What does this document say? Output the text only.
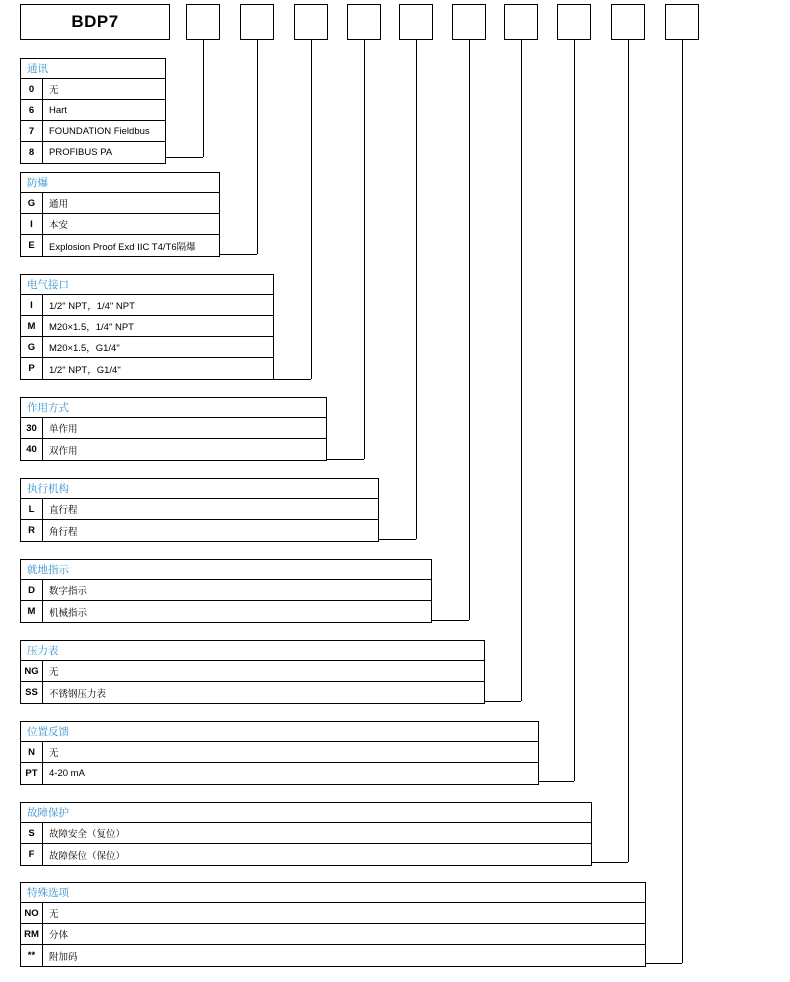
BDP7
通讯
0	无
6	Hart
7	FOUNDATION Fieldbus
8	PROFIBUS PA
防爆
G	通用
I	本安
E	Explosion Proof Exd IIC T4/T6隔爆
电气接口
I	1/2" NPT，1/4" NPT
M	M20×1.5，1/4" NPT
G	M20×1.5，G1/4"
P	1/2" NPT，G1/4"
作用方式
30	单作用
40	双作用
执行机构
L	直行程
R	角行程
就地指示
D	数字指示
M	机械指示
压力表
NG	无
SS	不锈钢压力表
位置反馈
N	无
PT	4-20 mA
故障保护
S	故障安全（复位）
F	故障保位（保位）
特殊选项
NO	无
RM	分体
**	附加码
